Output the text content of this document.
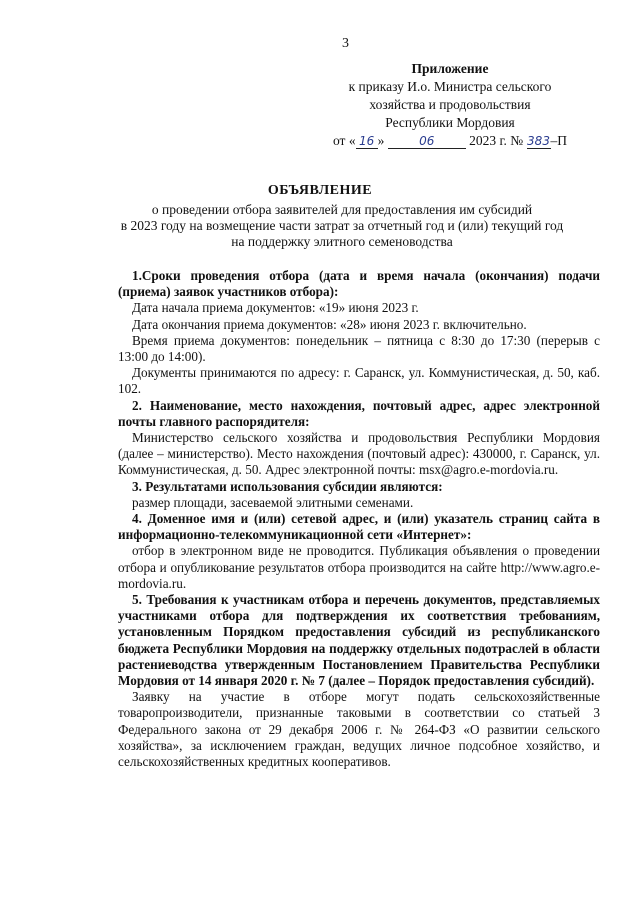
3
Приложение
к приказу И.о. Министра сельского
хозяйства и продовольствия
Республики Мордовия
от « 16 »	06	2023 г. № 383–П
ОБЪЯВЛЕНИЕ
о проведении отбора заявителей для предоставления им субсидий
в 2023 году на возмещение части затрат за отчетный год и (или) текущий год
на поддержку элитного семеноводства

1.Сроки проведения отбора (дата и время начала (окончания) подачи (приема) заявок участников отбора):

Дата начала приема документов: «19» июня 2023 г.

Дата окончания приема документов: «28» июня 2023 г. включительно.

Время приема документов: понедельник – пятница с 8:30 до 17:30 (перерыв с 13:00 до 14:00).

Документы принимаются по адресу: г. Саранск, ул. Коммунистическая, д. 50, каб. 102.

2. Наименование, место нахождения, почтовый адрес, адрес электронной почты главного распорядителя:

Министерство сельского хозяйства и продовольствия Республики Мордовия (далее – министерство). Место нахождения (почтовый адрес): 430000, г. Саранск, ул. Коммунистическая, д. 50. Адрес электронной почты: msx@agro.e-mordovia.ru.

3. Результатами использования субсидии являются:

размер площади, засеваемой элитными семенами.

4. Доменное имя и (или) сетевой адрес, и (или) указатель страниц сайта в информационно-телекоммуникационной сети «Интернет»:

отбор в электронном виде не проводится. Публикация объявления о проведении отбора и опубликование результатов отбора производится на сайте http://www.agro.e-mordovia.ru.

5. Требования к участникам отбора и перечень документов, представляемых участниками отбора для подтверждения их соответствия требованиям, установленным Порядком предоставления субсидий из республиканского бюджета Республики Мордовия на поддержку отдельных подотраслей в области растениеводства утвержденным Постановлением Правительства Республики Мордовия от 14 января 2020 г. № 7 (далее – Порядок предоставления субсидий).

Заявку на участие в отборе могут подать сельскохозяйственные товаропроизводители, признанные таковыми в соответствии со статьей 3 Федерального закона от 29 декабря 2006 г. № 264-ФЗ «О развитии сельского хозяйства», за исключением граждан, ведущих личное подсобное хозяйство, и сельскохозяйственных кредитных кооперативов.
